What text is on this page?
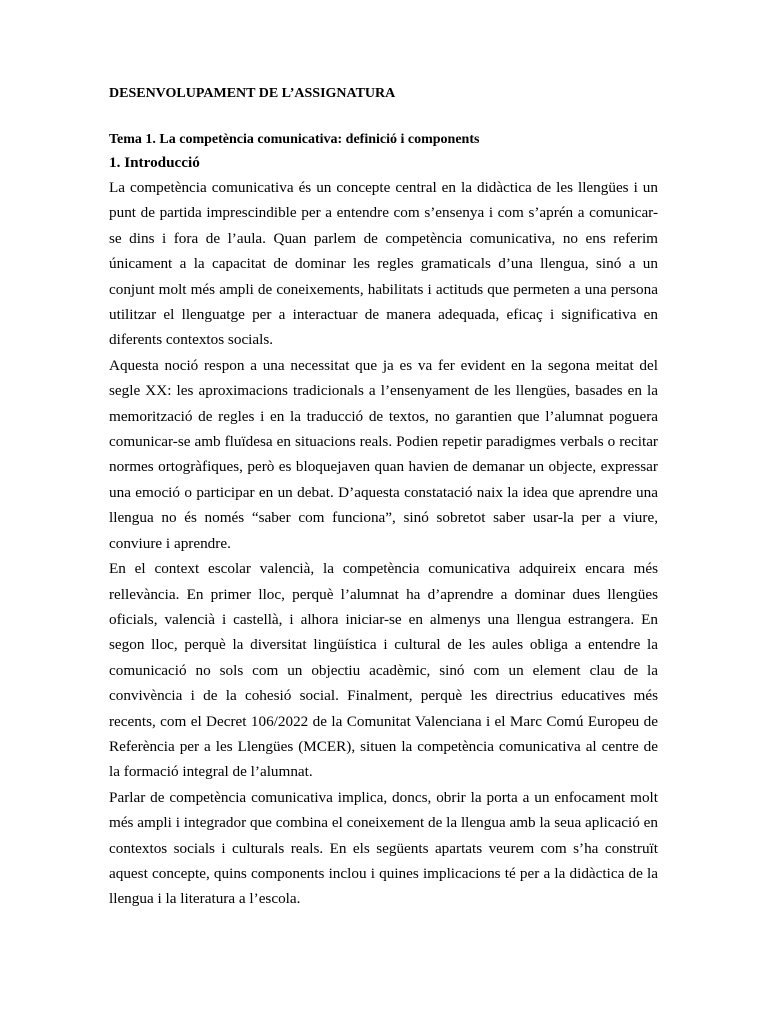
DESENVOLUPAMENT DE L’ASSIGNATURA
Tema 1. La competència comunicativa: definició i components
1. Introducció

La competència comunicativa és un concepte central en la didàctica de les llengües i un punt de partida imprescindible per a entendre com s’ensenya i com s’aprén a comunicar-se dins i fora de l’aula. Quan parlem de competència comunicativa, no ens referim únicament a la capacitat de dominar les regles gramaticals d’una llengua, sinó a un conjunt molt més ampli de coneixements, habilitats i actituds que permeten a una persona utilitzar el llenguatge per a interactuar de manera adequada, eficaç i significativa en diferents contextos socials.

Aquesta noció respon a una necessitat que ja es va fer evident en la segona meitat del segle XX: les aproximacions tradicionals a l’ensenyament de les llengües, basades en la memorització de regles i en la traducció de textos, no garantien que l’alumnat poguera comunicar-se amb fluïdesa en situacions reals. Podien repetir paradigmes verbals o recitar normes ortogràfiques, però es bloquejaven quan havien de demanar un objecte, expressar una emoció o participar en un debat. D’aquesta constatació naix la idea que aprendre una llengua no és només “saber com funciona”, sinó sobretot saber usar-la per a viure, conviure i aprendre.

En el context escolar valencià, la competència comunicativa adquireix encara més rellevància. En primer lloc, perquè l’alumnat ha d’aprendre a dominar dues llengües oficials, valencià i castellà, i alhora iniciar-se en almenys una llengua estrangera. En segon lloc, perquè la diversitat lingüística i cultural de les aules obliga a entendre la comunicació no sols com un objectiu acadèmic, sinó com un element clau de la convivència i de la cohesió social. Finalment, perquè les directrius educatives més recents, com el Decret 106/2022 de la Comunitat Valenciana i el Marc Comú Europeu de Referència per a les Llengües (MCER), situen la competència comunicativa al centre de la formació integral de l’alumnat.

Parlar de competència comunicativa implica, doncs, obrir la porta a un enfocament molt més ampli i integrador que combina el coneixement de la llengua amb la seua aplicació en contextos socials i culturals reals. En els següents apartats veurem com s’ha construït aquest concepte, quins components inclou i quines implicacions té per a la didàctica de la llengua i la literatura a l’escola.
